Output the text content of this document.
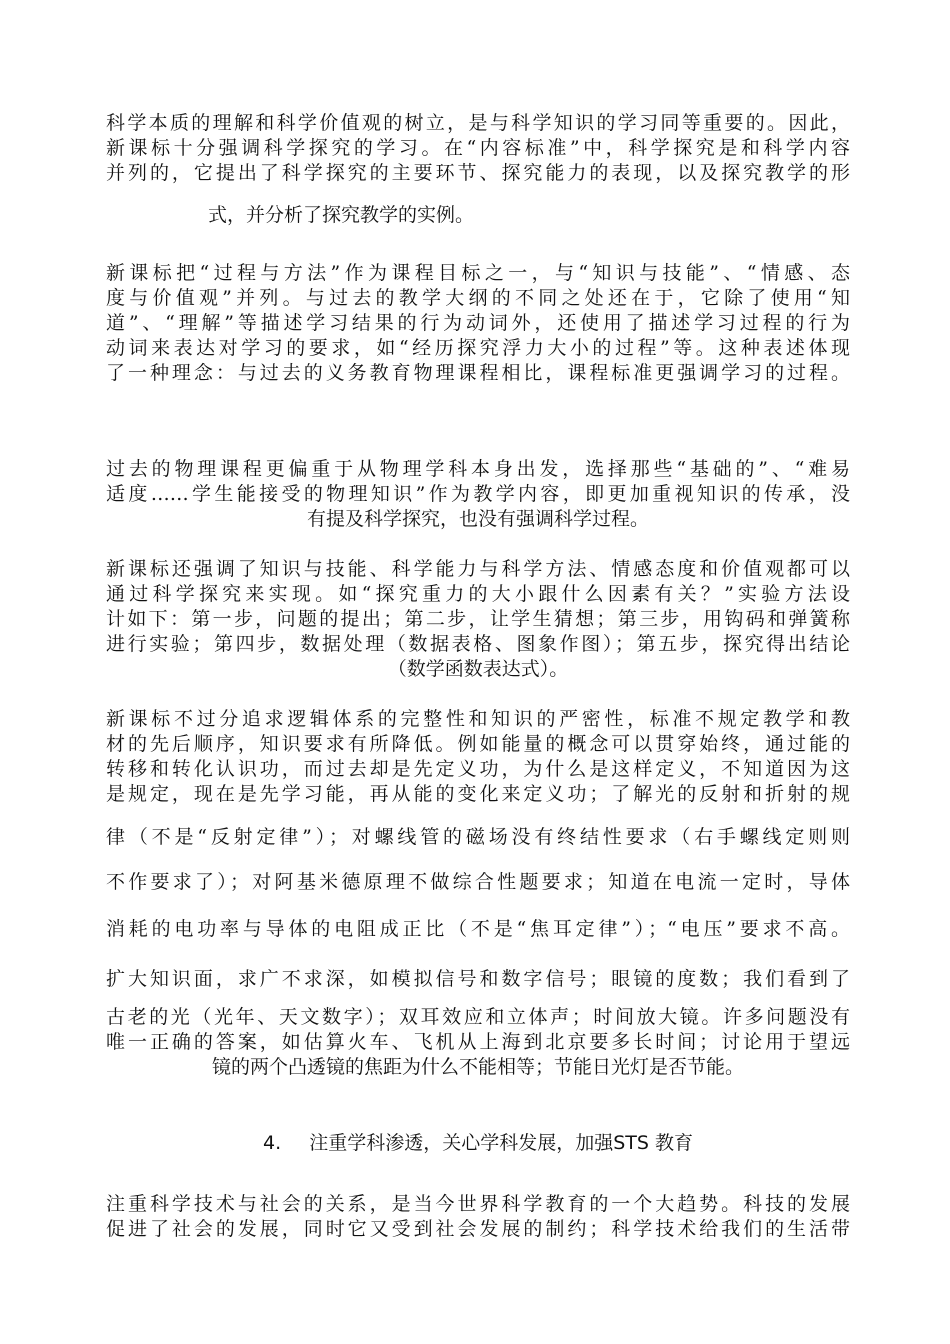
科学本质的理解和科学价值观的树立，是与科学知识的学习同等重要的。因此，
新课标十分强调科学探究的学习。在“内容标准”中，科学探究是和科学内容
并列的，它提出了科学探究的主要环节、探究能力的表现，以及探究教学的形
式，并分析了探究教学的实例。
新课标把“过程与方法”作为课程目标之一，与“知识与技能”、“情感、态
度与价值观”并列。与过去的教学大纲的不同之处还在于，它除了使用“知
道”、“理解”等描述学习结果的行为动词外，还使用了描述学习过程的行为
动词来表达对学习的要求，如“经历探究浮力大小的过程”等。这种表述体现
了一种理念：与过去的义务教育物理课程相比，课程标准更强调学习的过程。
过去的物理课程更偏重于从物理学科本身出发，选择那些“基础的”、“难易
适度……学生能接受的物理知识”作为教学内容，即更加重视知识的传承，没
有提及科学探究，也没有强调科学过程。
新课标还强调了知识与技能、科学能力与科学方法、情感态度和价值观都可以
通过科学探究来实现。如“探究重力的大小跟什么因素有关？”实验方法设
计如下：第一步，问题的提出；第二步，让学生猜想；第三步，用钩码和弹簧称
进行实验；第四步，数据处理（数据表格、图象作图）；第五步，探究得出结论
（数学函数表达式）。
新课标不过分追求逻辑体系的完整性和知识的严密性，标准不规定教学和教
材的先后顺序，知识要求有所降低。例如能量的概念可以贯穿始终，通过能的
转移和转化认识功，而过去却是先定义功，为什么是这样定义，不知道因为这
是规定，现在是先学习能，再从能的变化来定义功；了解光的反射和折射的规
律（不是“反射定律”）；对螺线管的磁场没有终结性要求（右手螺线定则则
不作要求了）；对阿基米德原理不做综合性题要求；知道在电流一定时，导体
消耗的电功率与导体的电阻成正比（不是“焦耳定律”）；“电压”要求不高。
扩大知识面，求广不求深，如模拟信号和数字信号；眼镜的度数；我们看到了
古老的光（光年、天文数字）；双耳效应和立体声；时间放大镜。许多问题没有
唯一正确的答案，如估算火车、飞机从上海到北京要多长时间；讨论用于望远
镜的两个凸透镜的焦距为什么不能相等；节能日光灯是否节能。
4. 注重学科渗透，关心学科发展，加强STS 教育
注重科学技术与社会的关系，是当今世界科学教育的一个大趋势。科技的发展
促进了社会的发展，同时它又受到社会发展的制约；科学技术给我们的生活带
